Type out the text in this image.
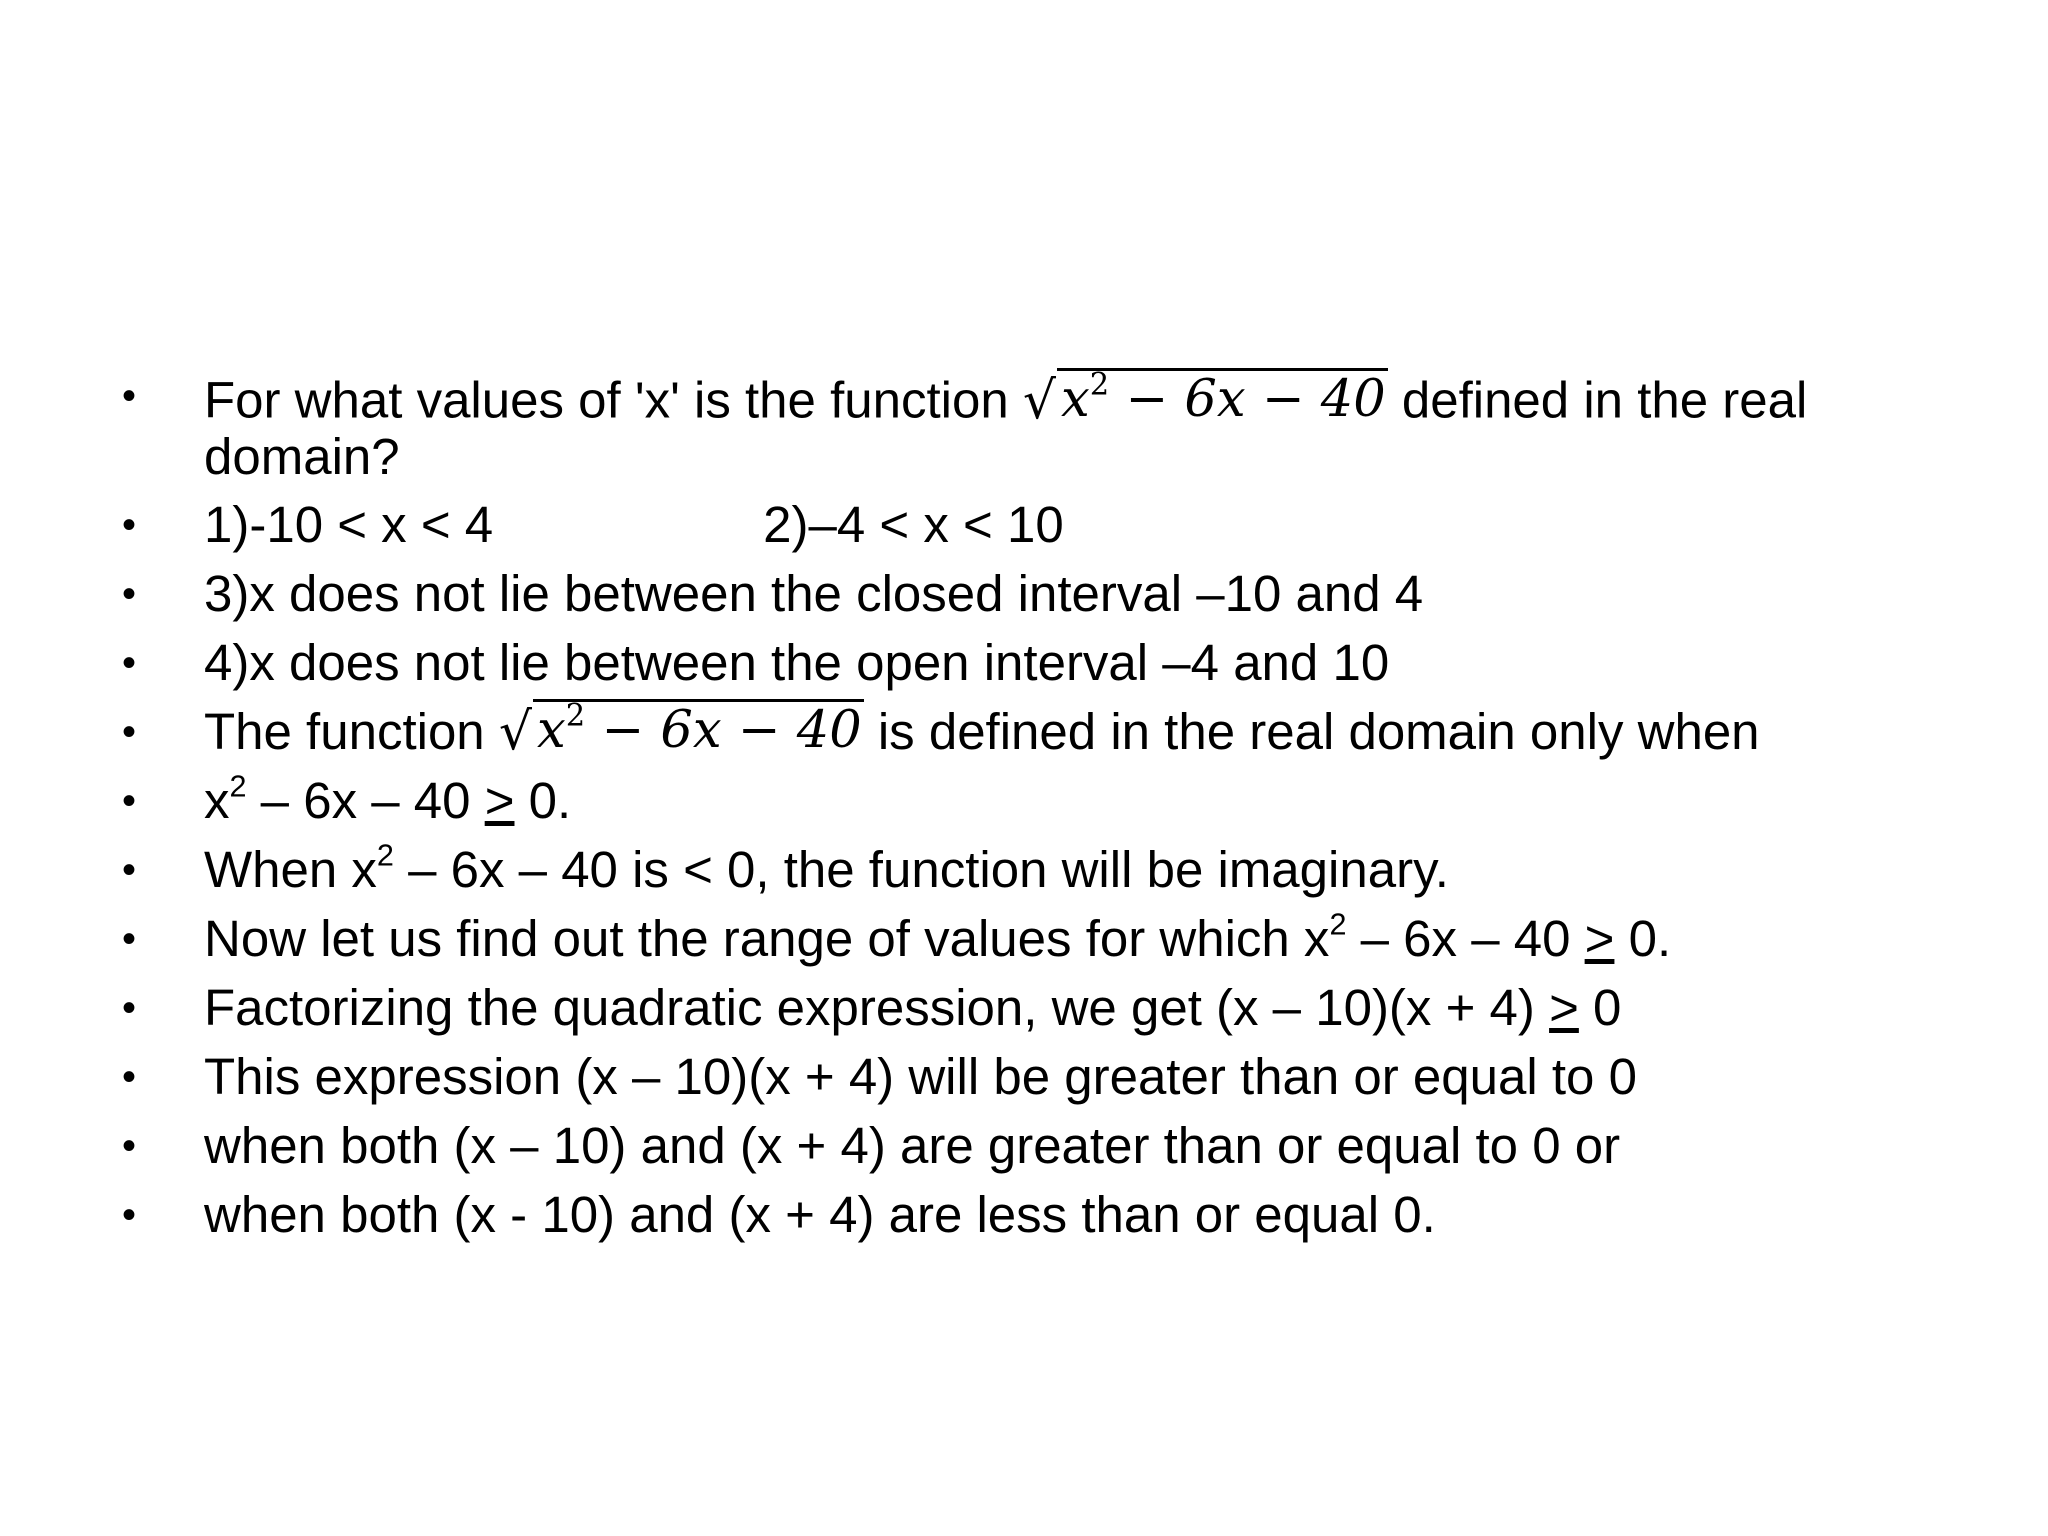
• For what values of 'x' is the function √ $x^2 - 6x - 40$ defined in the real domain?
• 1)-10 < x < 4	2)–4 < x < 10
• 3)x does not lie between the closed interval –10 and 4
• 4)x does not lie between the open interval –4 and 10
• The function √ $x^2 - 6x - 40$ is defined in the real domain only when
• $x^2 - 6x - 40 \ge 0$.
• When $x^2 - 6x - 40$ is < 0, the function will be imaginary.
• Now let us find out the range of values for which $x^2 - 6x - 40 \ge 0$.
• Factorizing the quadratic expression, we get (x – 10)(x + 4) ≥ 0
• This expression (x – 10)(x + 4) will be greater than or equal to 0
• when both (x – 10) and (x + 4) are greater than or equal to 0 or
• when both (x - 10) and (x + 4) are less than or equal 0.
